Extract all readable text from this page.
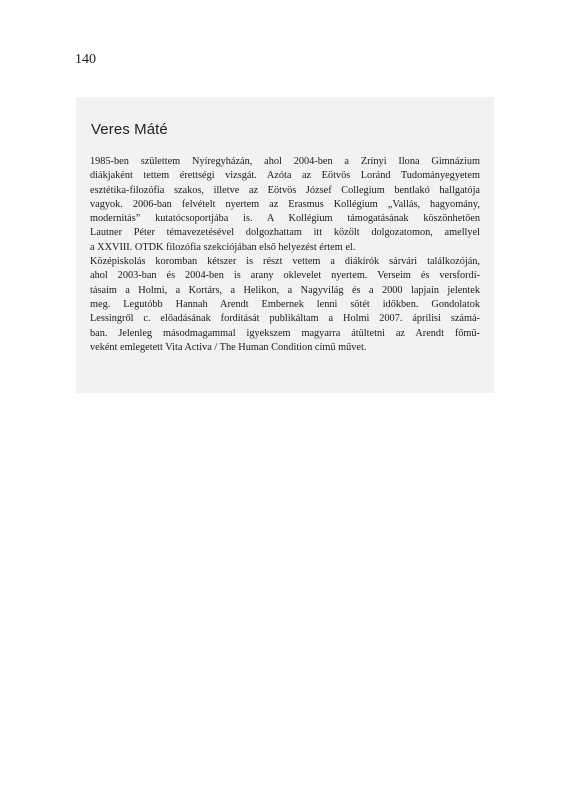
140
Veres Máté
1985-ben születtem Nyíregyházán, ahol 2004-ben a Zrínyi Ilona Gimnázium
diákjaként tettem érettségi vizsgát. Azóta az Eötvös Loránd Tudományegyetem
esztétika-filozófia szakos, illetve az Eötvös József Collegium bentlakó hallgatója
vagyok. 2006-ban felvételt nyertem az Erasmus Kollégium „Vallás, hagyomány,
modernitás” kutatócsoportjába is. A Kollégium támogatásának köszönhetően
Lautner Péter témavezetésével dolgozhattam itt közölt dolgozatomon, amellyel
a XXVIII. OTDK filozófia szekciójában első helyezést értem el.
Középiskolás koromban kétszer is részt vettem a diákírók sárvári találkozóján,
ahol 2003-ban és 2004-ben is arany oklevelet nyertem. Verseim és versfordí-
tásaim a Holmi, a Kortárs, a Helikon, a Nagyvilág és a 2000 lapjain jelentek
meg. Legutóbb Hannah Arendt Embernek lenni sötét időkben. Gondolatok
Lessingről c. előadásának fordítását publikáltam a Holmi 2007. áprilisi számá-
ban. Jelenleg másodmagammal igyekszem magyarra átültetni az Arendt főmű-
veként emlegetett Vita Activa / The Human Condition című művet.
